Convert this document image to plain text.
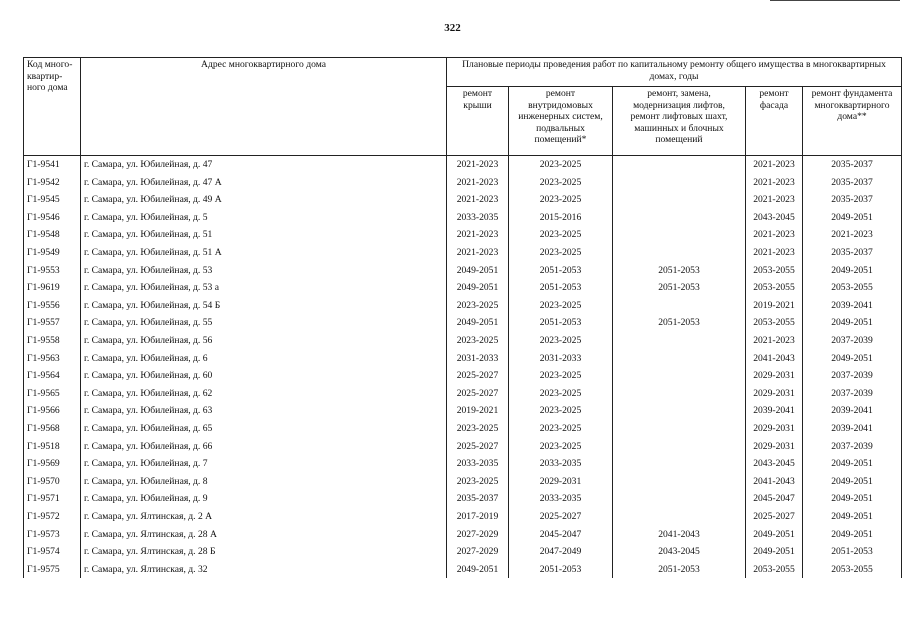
322
Код много-
квартир-
ного дома	Адрес многоквартирного дома	Плановые периоды проведения работ по капитальному ремонту общего имущества в многоквартирных домах, годы				

		ремонт
крыши	ремонт
внутридомовых
инженерных систем,
подвальных
помещений*	ремонт, замена,
модернизация лифтов,
ремонт лифтовых шахт,
машинных и блочных
помещений	ремонт
фасада	ремонт фундамента
многоквартирного
дома**

Г1-9541	г. Самара, ул. Юбилейная, д. 47	2021-2023	2023-2025		2021-2023	2035-2037
Г1-9542	г. Самара, ул. Юбилейная, д. 47 А	2021-2023	2023-2025		2021-2023	2035-2037
Г1-9545	г. Самара, ул. Юбилейная, д. 49 А	2021-2023	2023-2025		2021-2023	2035-2037
Г1-9546	г. Самара, ул. Юбилейная, д. 5	2033-2035	2015-2016		2043-2045	2049-2051
Г1-9548	г. Самара, ул. Юбилейная, д. 51	2021-2023	2023-2025		2021-2023	2021-2023
Г1-9549	г. Самара, ул. Юбилейная, д. 51 А	2021-2023	2023-2025		2021-2023	2035-2037
Г1-9553	г. Самара, ул. Юбилейная, д. 53	2049-2051	2051-2053	2051-2053	2053-2055	2049-2051
Г1-9619	г. Самара, ул. Юбилейная, д. 53 а	2049-2051	2051-2053	2051-2053	2053-2055	2053-2055
Г1-9556	г. Самара, ул. Юбилейная, д. 54 Б	2023-2025	2023-2025		2019-2021	2039-2041
Г1-9557	г. Самара, ул. Юбилейная, д. 55	2049-2051	2051-2053	2051-2053	2053-2055	2049-2051
Г1-9558	г. Самара, ул. Юбилейная, д. 56	2023-2025	2023-2025		2021-2023	2037-2039
Г1-9563	г. Самара, ул. Юбилейная, д. 6	2031-2033	2031-2033		2041-2043	2049-2051
Г1-9564	г. Самара, ул. Юбилейная, д. 60	2025-2027	2023-2025		2029-2031	2037-2039
Г1-9565	г. Самара, ул. Юбилейная, д. 62	2025-2027	2023-2025		2029-2031	2037-2039
Г1-9566	г. Самара, ул. Юбилейная, д. 63	2019-2021	2023-2025		2039-2041	2039-2041
Г1-9568	г. Самара, ул. Юбилейная, д. 65	2023-2025	2023-2025		2029-2031	2039-2041
Г1-9518	г. Самара, ул. Юбилейная, д. 66	2025-2027	2023-2025		2029-2031	2037-2039
Г1-9569	г. Самара, ул. Юбилейная, д. 7	2033-2035	2033-2035		2043-2045	2049-2051
Г1-9570	г. Самара, ул. Юбилейная, д. 8	2023-2025	2029-2031		2041-2043	2049-2051
Г1-9571	г. Самара, ул. Юбилейная, д. 9	2035-2037	2033-2035		2045-2047	2049-2051
Г1-9572	г. Самара, ул. Ялтинская, д. 2 А	2017-2019	2025-2027		2025-2027	2049-2051
Г1-9573	г. Самара, ул. Ялтинская, д. 28 А	2027-2029	2045-2047	2041-2043	2049-2051	2049-2051
Г1-9574	г. Самара, ул. Ялтинская, д. 28 Б	2027-2029	2047-2049	2043-2045	2049-2051	2051-2053
Г1-9575	г. Самара, ул. Ялтинская, д. 32	2049-2051	2051-2053	2051-2053	2053-2055	2053-2055
